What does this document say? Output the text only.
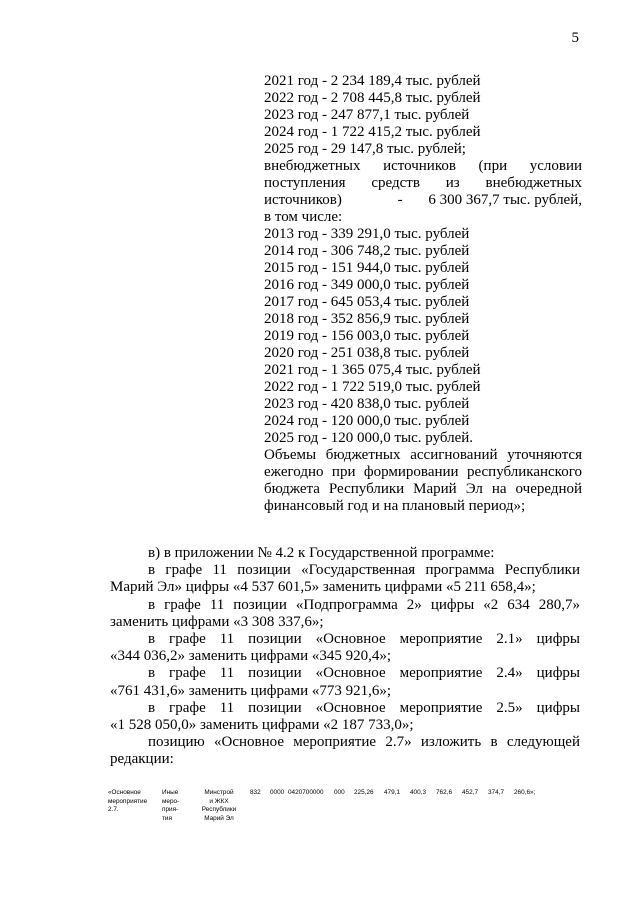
5
2021 год - 2 234 189,4 тыс. рублей
2022 год - 2 708 445,8 тыс. рублей
2023 год - 247 877,1 тыс. рублей
2024 год - 1 722 415,2 тыс. рублей
2025 год - 29 147,8 тыс. рублей;
внебюджетных источников (при условии
поступления средств из внебюджетных
источников)	- 6 300 367,7 тыс. рублей,
в том числе:
2013 год - 339 291,0 тыс. рублей
2014 год - 306 748,2 тыс. рублей
2015 год - 151 944,0 тыс. рублей
2016 год - 349 000,0 тыс. рублей
2017 год - 645 053,4 тыс. рублей
2018 год - 352 856,9 тыс. рублей
2019 год - 156 003,0 тыс. рублей
2020 год - 251 038,8 тыс. рублей
2021 год - 1 365 075,4 тыс. рублей
2022 год - 1 722 519,0 тыс. рублей
2023 год - 420 838,0 тыс. рублей
2024 год - 120 000,0 тыс. рублей
2025 год - 120 000,0 тыс. рублей.
Объемы бюджетных ассигнований уточняются
ежегодно при формировании республиканского
бюджета Республики Марий Эл на очередной
финансовый год и на плановый период»;
в) в приложении № 4.2 к Государственной программе:
в графе 11 позиции «Государственная программа Республики
Марий Эл» цифры «4 537 601,5» заменить цифрами «5 211 658,4»;
в графе 11 позиции «Подпрограмма 2» цифры «2 634 280,7»
заменить цифрами «3 308 337,6»;
в графе 11 позиции «Основное мероприятие 2.1» цифры
«344 036,2» заменить цифрами «345 920,4»;
в графе 11 позиции «Основное мероприятие 2.4» цифры
«761 431,6» заменить цифрами «773 921,6»;
в графе 11 позиции «Основное мероприятие 2.5» цифры
«1 528 050,0» заменить цифрами «2 187 733,0»;
позицию «Основное мероприятие 2.7» изложить в следующей
редакции:
«Основное
мероприятие
2.7.

Иные
меро-
прия-
тия

Минстрой
и ЖКХ
Республики
Марий Эл
	832	0000	0420700000	000	225,26	479,1	400,3	762,6	452,7	374,7	260,6»;
